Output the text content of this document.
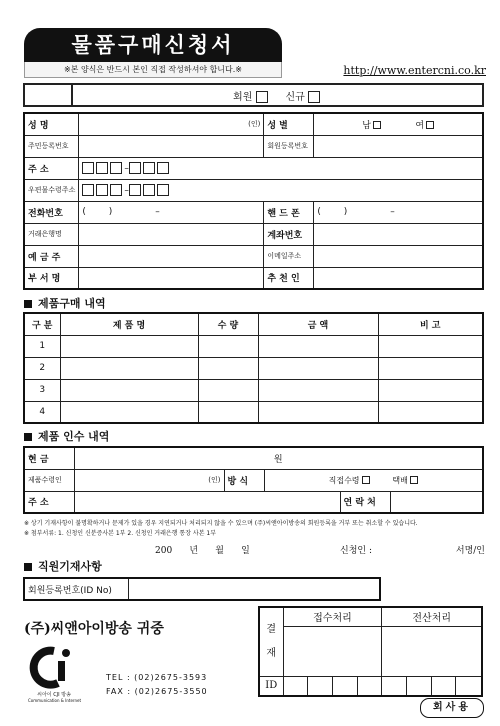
물품구매신청서
※본 양식은 반드시 본인 직접 작성하셔야 합니다.※	http://www.entercni.co.kr
	회원	신규
성 명	(인)	성 별	남 여
주민등록번호		회원등록번호	
주 소	–		
우편물수령주소	–		
전화번호	( ) –	핸 드 폰	( ) –
거래은행명		계좌번호	
예 금 주		이메일주소	
부 서 명		추 천 인	
제품구매 내역
구 분	제 품 명	수 량	금 액	비 고
1				
2				
3				
4				
제품 인수 내역
현 금	원				
제품수령인	(인)	방 식	직접수령 택배		
주 소				연 락 처	
※ 상기 기재사항이 불명확하거나 문제가 있을 경우 지연되거나 처리되지 않을 수 있으며 (주)씨앤아이방송의 회원등록을 거부 또는 취소할 수 있습니다.
※ 첨부서류: 1. 신청인 신분증사본 1부 2. 신청인 거래은행 통장 사본 1부
200 년 월 일	신청인 :	서명/인
직원기재사항
회원등록번호(ID No)	
(주)씨앤아이방송 귀중
씨아이 CJI 방송
Communication & Internet
TEL : (02)2675-3593
FAX : (02)2675-3550
결
재	접수처리				전산처리			

ID								
회사용
